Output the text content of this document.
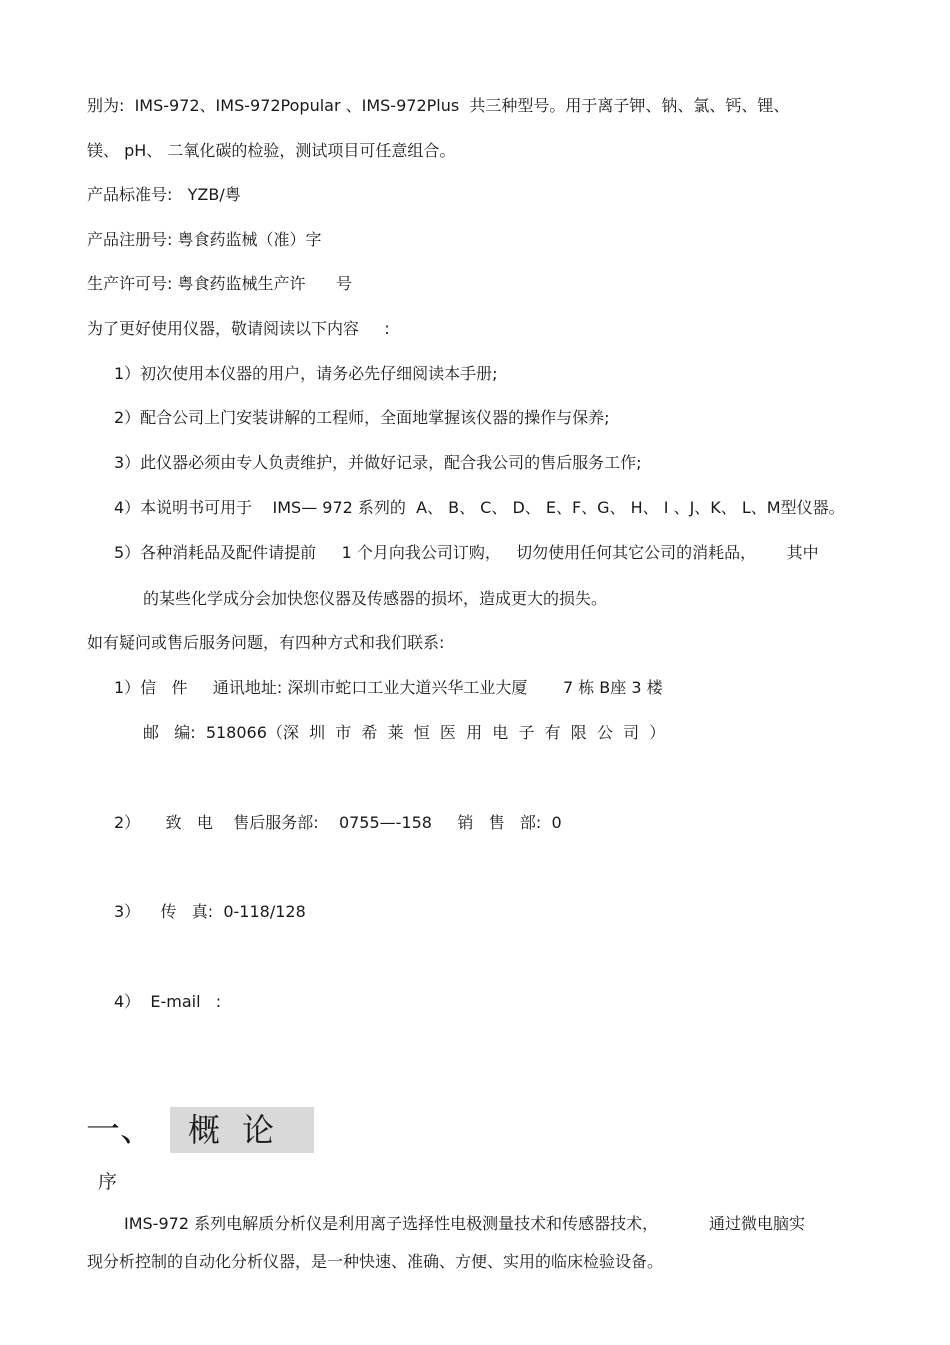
别为:  IMS-972、IMS-972Popular 、IMS-972Plus  共三种型号。用于离子钾、钠、氯、钙、锂、
镁、 pH、 二氧化碳的检验，测试项目可任意组合。
产品标准号:   YZB/粤
产品注册号: 粤食药监械（准）字
生产许可号: 粤食药监械生产许      号
为了更好使用仪器，敬请阅读以下内容     :
1）初次使用本仪器的用户，请务必先仔细阅读本手册;
2）配合公司上门安装讲解的工程师，全面地掌握该仪器的操作与保养;
3）此仪器必须由专人负责维护，并做好记录，配合我公司的售后服务工作;
4）本说明书可用于    IMS— 972 系列的  A、 B、 C、 D、 E、F、G、 H、 I 、J、K、 L、M型仪器。
5）各种消耗品及配件请提前     1 个月向我公司订购，   切勿使用任何其它公司的消耗品，      其中
的某些化学成分会加快您仪器及传感器的损坏，造成更大的损失。
如有疑问或售后服务问题，有四种方式和我们联系:
1）信   件     通讯地址: 深圳市蛇口工业大道兴华工业大厦       7 栋 B座 3 楼
邮   编:  518066（深  圳  市  希  莱  恒  医  用  电  子  有  限  公  司  ）
2）     致   电    售后服务部:    0755—-158     销   售   部:  0
3）    传   真:  0-118/128
4）  E-mail   :
一、	概论
序
IMS-972 系列电解质分析仪是利用离子选择性电极测量技术和传感器技术，          通过微电脑实
现分析控制的自动化分析仪器，是一种快速、准确、方便、实用的临床检验设备。
